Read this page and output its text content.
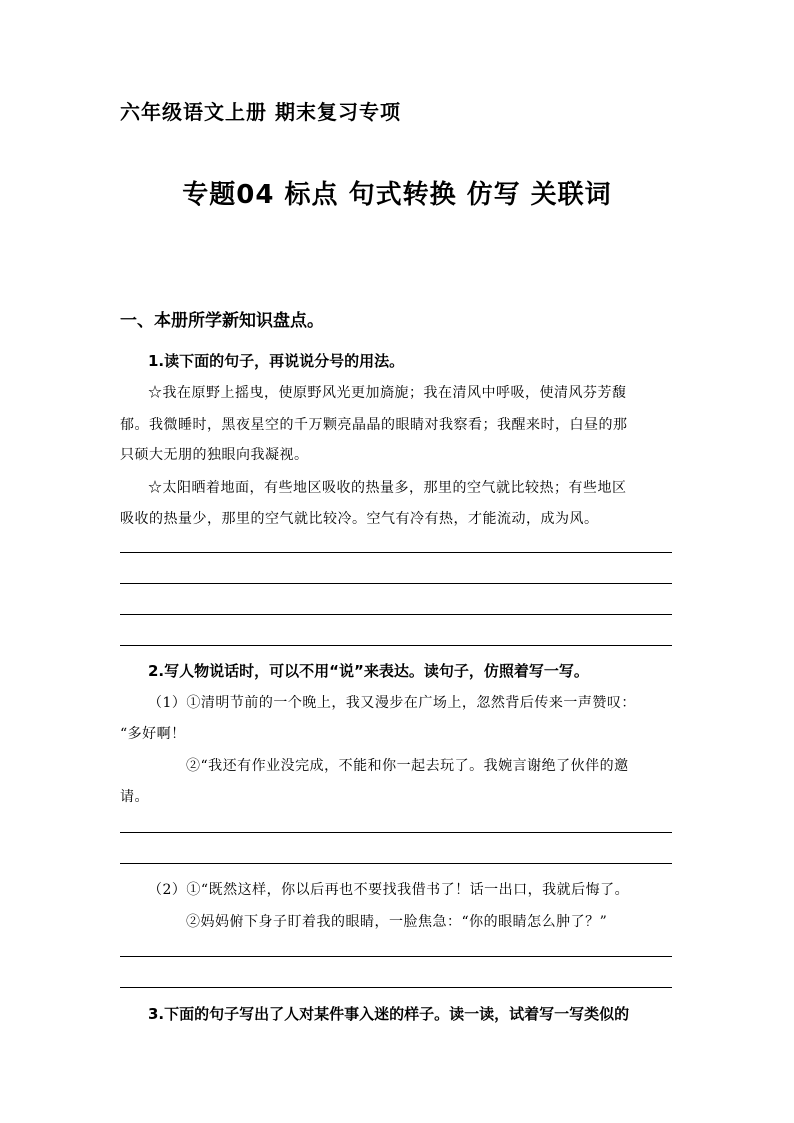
六年级语文上册 期末复习专项
专题04 标点 句式转换 仿写 关联词
一、本册所学新知识盘点。
1.读下面的句子，再说说分号的用法。
☆我在原野上摇曳，使原野风光更加旖旎；我在清风中呼吸，使清风芬芳馥
郁。我微睡时，黑夜星空的千万颗亮晶晶的眼睛对我察看；我醒来时，白昼的那
只硕大无朋的独眼向我凝视。
☆太阳晒着地面，有些地区吸收的热量多，那里的空气就比较热；有些地区
吸收的热量少，那里的空气就比较冷。空气有冷有热，才能流动，成为风。
2.写人物说话时，可以不用“说”来表达。读句子，仿照着写一写。
（1）①清明节前的一个晚上，我又漫步在广场上，忽然背后传来一声赞叹：
“多好啊！
②“我还有作业没完成，不能和你一起去玩了。我婉言谢绝了伙伴的邀
请。
（2）①“既然这样，你以后再也不要找我借书了！话一出口，我就后悔了。
②妈妈俯下身子盯着我的眼睛，一脸焦急：“你的眼睛怎么肿了？”
3.下面的句子写出了人对某件事入迷的样子。读一读，试着写一写类似的
